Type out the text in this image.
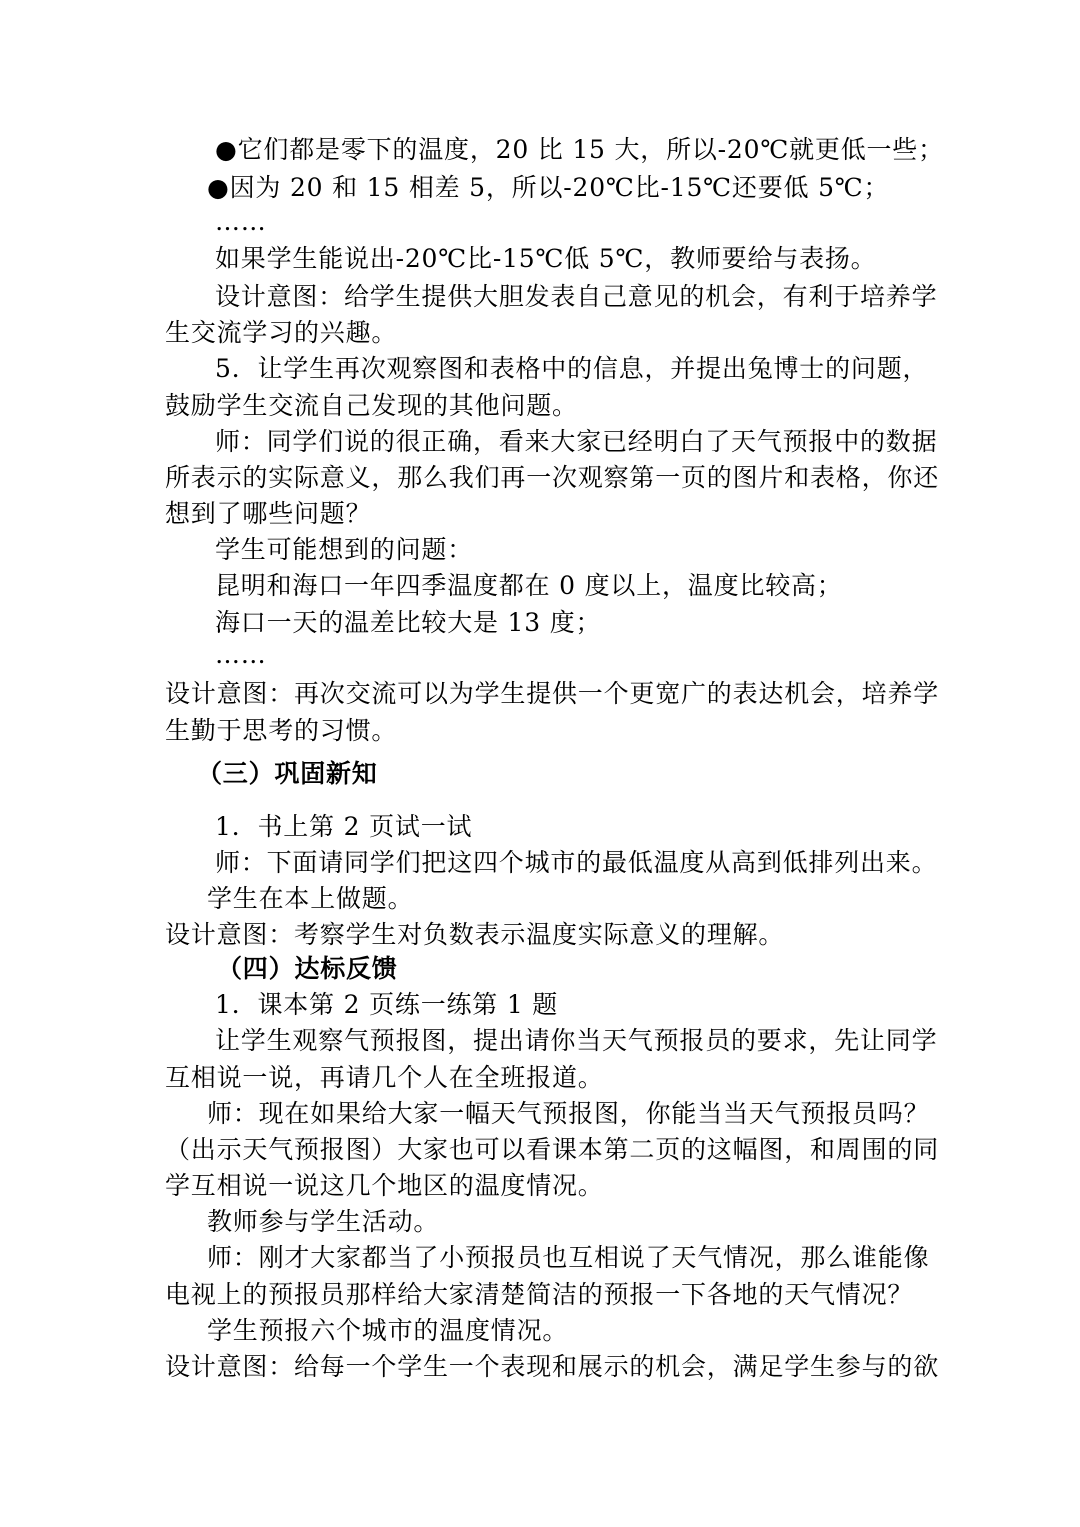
●它们都是零下的温度，20 比 15 大，所以-20℃就更低一些；
●因为 20 和 15 相差 5，所以-20℃比-15℃还要低 5℃；
……
如果学生能说出-20℃比-15℃低 5℃，教师要给与表扬。
设计意图：给学生提供大胆发表自己意见的机会，有利于培养学
生交流学习的兴趣。
5．让学生再次观察图和表格中的信息，并提出兔博士的问题，
鼓励学生交流自己发现的其他问题。
师：同学们说的很正确，看来大家已经明白了天气预报中的数据
所表示的实际意义，那么我们再一次观察第一页的图片和表格，你还
想到了哪些问题？
学生可能想到的问题：
昆明和海口一年四季温度都在 0 度以上，温度比较高；
海口一天的温差比较大是 13 度；
……
设计意图：再次交流可以为学生提供一个更宽广的表达机会，培养学
生勤于思考的习惯。
（三）巩固新知
1．书上第 2 页试一试
师：下面请同学们把这四个城市的最低温度从高到低排列出来。
学生在本上做题。
设计意图：考察学生对负数表示温度实际意义的理解。
（四）达标反馈
1．课本第 2 页练一练第 1 题
让学生观察气预报图，提出请你当天气预报员的要求，先让同学
互相说一说，再请几个人在全班报道。
师：现在如果给大家一幅天气预报图，你能当当天气预报员吗？
（出示天气预报图）大家也可以看课本第二页的这幅图，和周围的同
学互相说一说这几个地区的温度情况。
教师参与学生活动。
师：刚才大家都当了小预报员也互相说了天气情况，那么谁能像
电视上的预报员那样给大家清楚简洁的预报一下各地的天气情况？
学生预报六个城市的温度情况。
设计意图：给每一个学生一个表现和展示的机会，满足学生参与的欲
